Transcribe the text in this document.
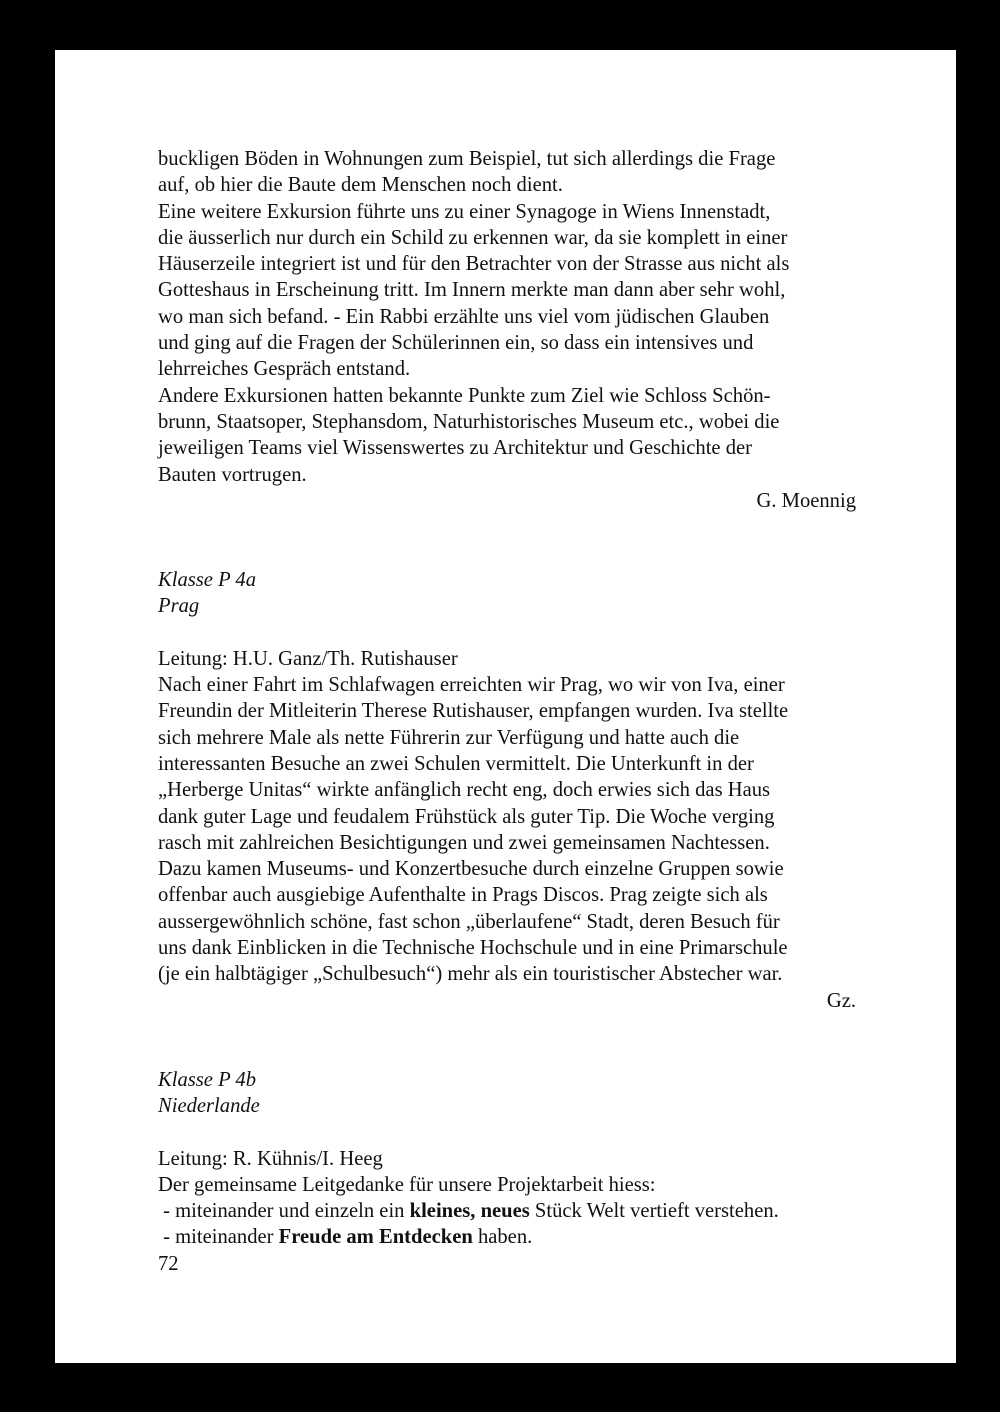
buckligen Böden in Wohnungen zum Beispiel, tut sich allerdings die Frage

auf, ob hier die Baute dem Menschen noch dient.

Eine weitere Exkursion führte uns zu einer Synagoge in Wiens Innenstadt,

die äusserlich nur durch ein Schild zu erkennen war, da sie komplett in einer

Häuserzeile integriert ist und für den Betrachter von der Strasse aus nicht als

Gotteshaus in Erscheinung tritt. Im Innern merkte man dann aber sehr wohl,

wo man sich befand. - Ein Rabbi erzählte uns viel vom jüdischen Glauben

und ging auf die Fragen der Schülerinnen ein, so dass ein intensives und

lehrreiches Gespräch entstand.

Andere Exkursionen hatten bekannte Punkte zum Ziel wie Schloss Schön-

brunn, Staatsoper, Stephansdom, Naturhistorisches Museum etc., wobei die

jeweiligen Teams viel Wissenswertes zu Architektur und Geschichte der

Bauten vortrugen.

G. Moennig

Klasse P 4a

Prag

Leitung: H.U. Ganz/Th. Rutishauser

Nach einer Fahrt im Schlafwagen erreichten wir Prag, wo wir von Iva, einer

Freundin der Mitleiterin Therese Rutishauser, empfangen wurden. Iva stellte

sich mehrere Male als nette Führerin zur Verfügung und hatte auch die

interessanten Besuche an zwei Schulen vermittelt. Die Unterkunft in der

„Herberge Unitas“ wirkte anfänglich recht eng, doch erwies sich das Haus

dank guter Lage und feudalem Frühstück als guter Tip. Die Woche verging

rasch mit zahlreichen Besichtigungen und zwei gemeinsamen Nachtessen.

Dazu kamen Museums- und Konzertbesuche durch einzelne Gruppen sowie

offenbar auch ausgiebige Aufenthalte in Prags Discos. Prag zeigte sich als

aussergewöhnlich schöne, fast schon „überlaufene“ Stadt, deren Besuch für

uns dank Einblicken in die Technische Hochschule und in eine Primarschule

(je ein halbtägiger „Schulbesuch“) mehr als ein touristischer Abstecher war.

Gz.

Klasse P 4b

Niederlande

Leitung: R. Kühnis/I. Heeg

Der gemeinsame Leitgedanke für unsere Projektarbeit hiess:

- miteinander und einzeln ein kleines, neues Stück Welt vertieft verstehen.

- miteinander Freude am Entdecken haben.

72
